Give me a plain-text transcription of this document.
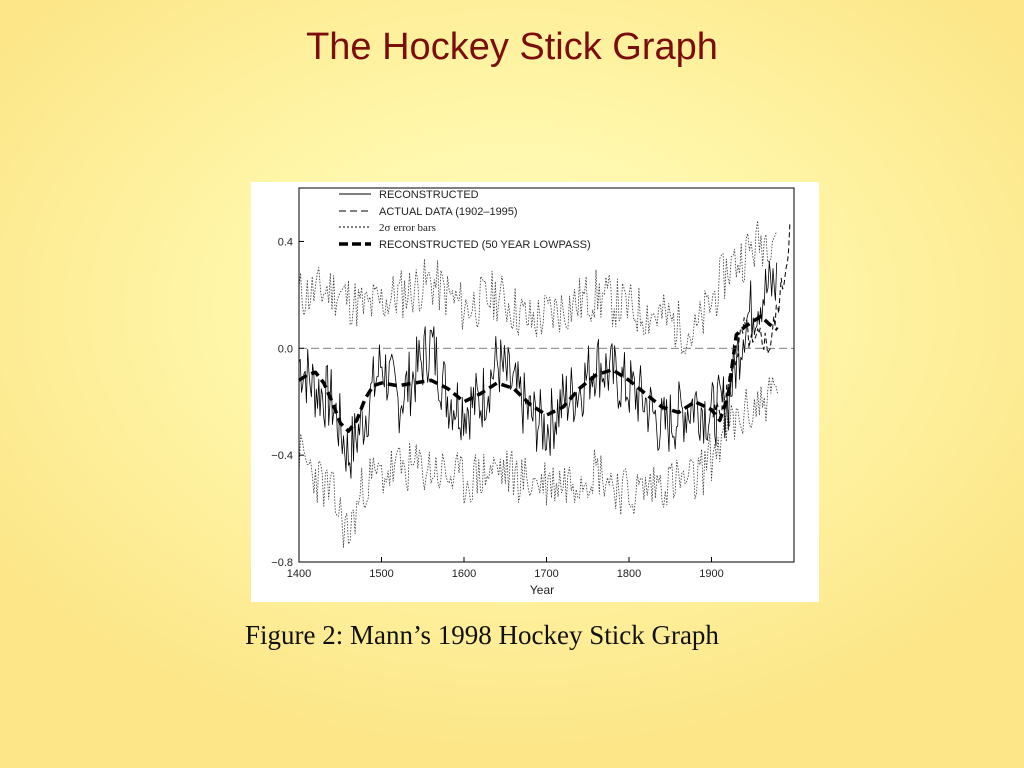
The Hockey Stick Graph
1400	1500	1600	1700	1800	1900
0.4
0.0
−0.4
−0.8
RECONSTRUCTED
ACTUAL DATA (1902–1995)
2σ error bars
RECONSTRUCTED (50 YEAR LOWPASS)
Year

Figure 2: Mann’s 1998 Hockey Stick Graph
